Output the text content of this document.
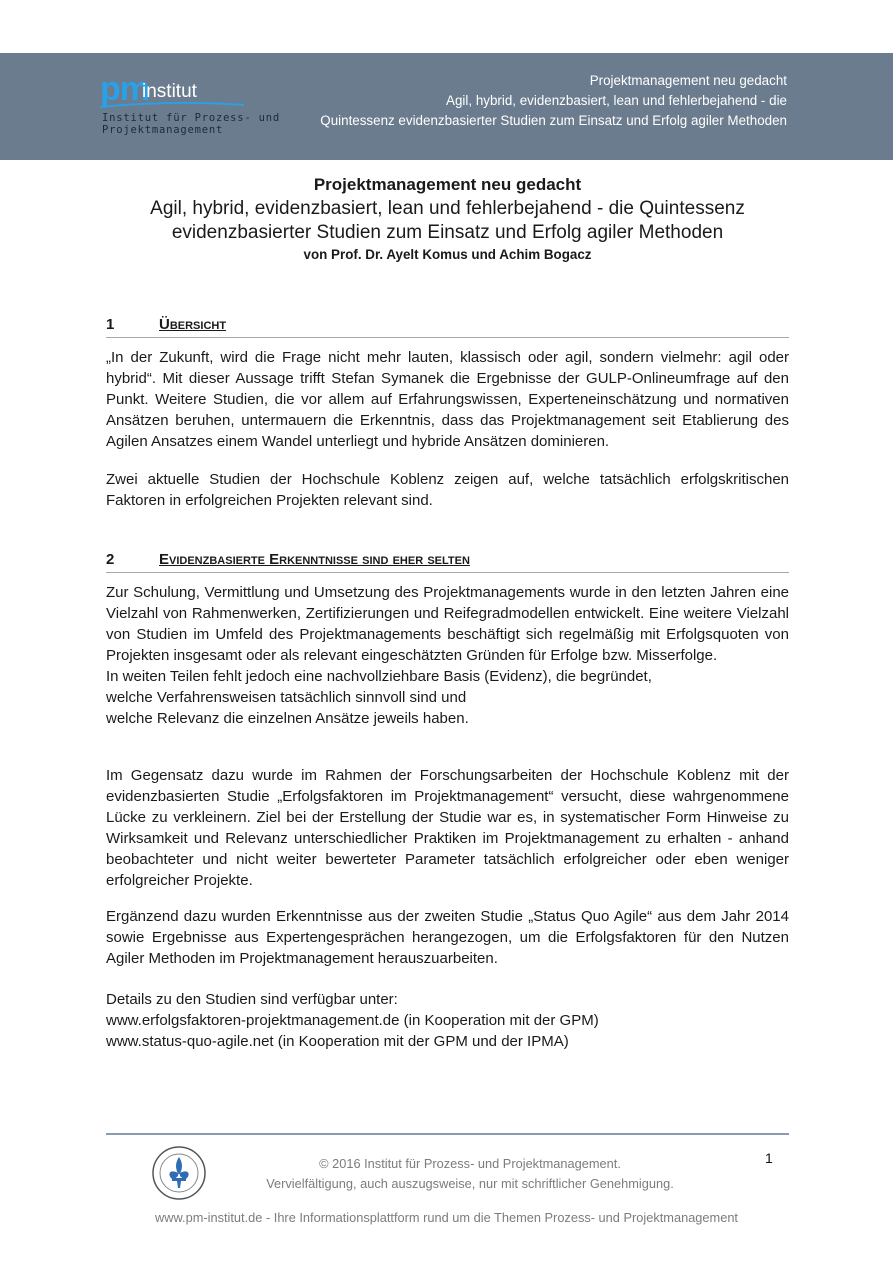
pm
institut
Institut für Prozess- und
Projektmanagement
Projektmanagement neu gedacht
Agil, hybrid, evidenzbasiert, lean und fehlerbejahend - die
Quintessenz evidenzbasierter Studien zum Einsatz und Erfolg agiler Methoden
Projektmanagement neu gedacht
Agil, hybrid, evidenzbasiert, lean und fehlerbejahend - die Quintessenz
evidenzbasierter Studien zum Einsatz und Erfolg agiler Methoden
von Prof. Dr. Ayelt Komus und Achim Bogacz
1	Übersicht
„In der Zukunft, wird die Frage nicht mehr lauten, klassisch oder agil, sondern vielmehr: agil oder hybrid“. Mit dieser Aussage trifft Stefan Symanek die Ergebnisse der GULP-Onlineumfrage auf den Punkt. Weitere Studien, die vor allem auf Erfahrungswissen, Experteneinschätzung und normativen Ansätzen beruhen, untermauern die Erkenntnis, dass das Projektmanagement seit Etablierung des Agilen Ansatzes einem Wandel unterliegt und hybride Ansätzen dominieren.
Zwei aktuelle Studien der Hochschule Koblenz zeigen auf, welche tatsächlich erfolgskritischen Faktoren in erfolgreichen Projekten relevant sind.
2	Evidenzbasierte Erkenntnisse sind eher selten
Zur Schulung, Vermittlung und Umsetzung des Projektmanagements wurde in den letzten Jahren eine Vielzahl von Rahmenwerken, Zertifizierungen und Reifegradmodellen entwickelt. Eine weitere Vielzahl von Studien im Umfeld des Projektmanagements beschäftigt sich regelmäßig mit Erfolgsquoten von Projekten insgesamt oder als relevant eingeschätzten Gründen für Erfolge bzw. Misserfolge.
In weiten Teilen fehlt jedoch eine nachvollziehbare Basis (Evidenz), die begründet,
welche Verfahrensweisen tatsächlich sinnvoll sind und
welche Relevanz die einzelnen Ansätze jeweils haben.
Im Gegensatz dazu wurde im Rahmen der Forschungsarbeiten der Hochschule Koblenz mit der evidenzbasierten Studie „Erfolgsfaktoren im Projektmanagement“ versucht, diese wahrgenommene Lücke zu verkleinern. Ziel bei der Erstellung der Studie war es, in systematischer Form Hinweise zu Wirksamkeit und Relevanz unterschiedlicher Praktiken im Projektmanagement zu erhalten - anhand beobachteter und nicht weiter bewerteter Parameter tatsächlich erfolgreicher oder eben weniger erfolgreicher Projekte.
Ergänzend dazu wurden Erkenntnisse aus der zweiten Studie „Status Quo Agile“ aus dem Jahr 2014 sowie Ergebnisse aus Expertengesprächen herangezogen, um die Erfolgsfaktoren für den Nutzen Agiler Methoden im Projektmanagement herauszuarbeiten.
Details zu den Studien sind verfügbar unter:
www.erfolgsfaktoren-projektmanagement.de (in Kooperation mit der GPM)
www.status-quo-agile.net (in Kooperation mit der GPM und der IPMA)
© 2016 Institut für Prozess- und Projektmanagement.
Vervielfältigung, auch auszugsweise, nur mit schriftlicher Genehmigung.
1
www.pm-institut.de - Ihre Informationsplattform rund um die Themen Prozess- und Projektmanagement
